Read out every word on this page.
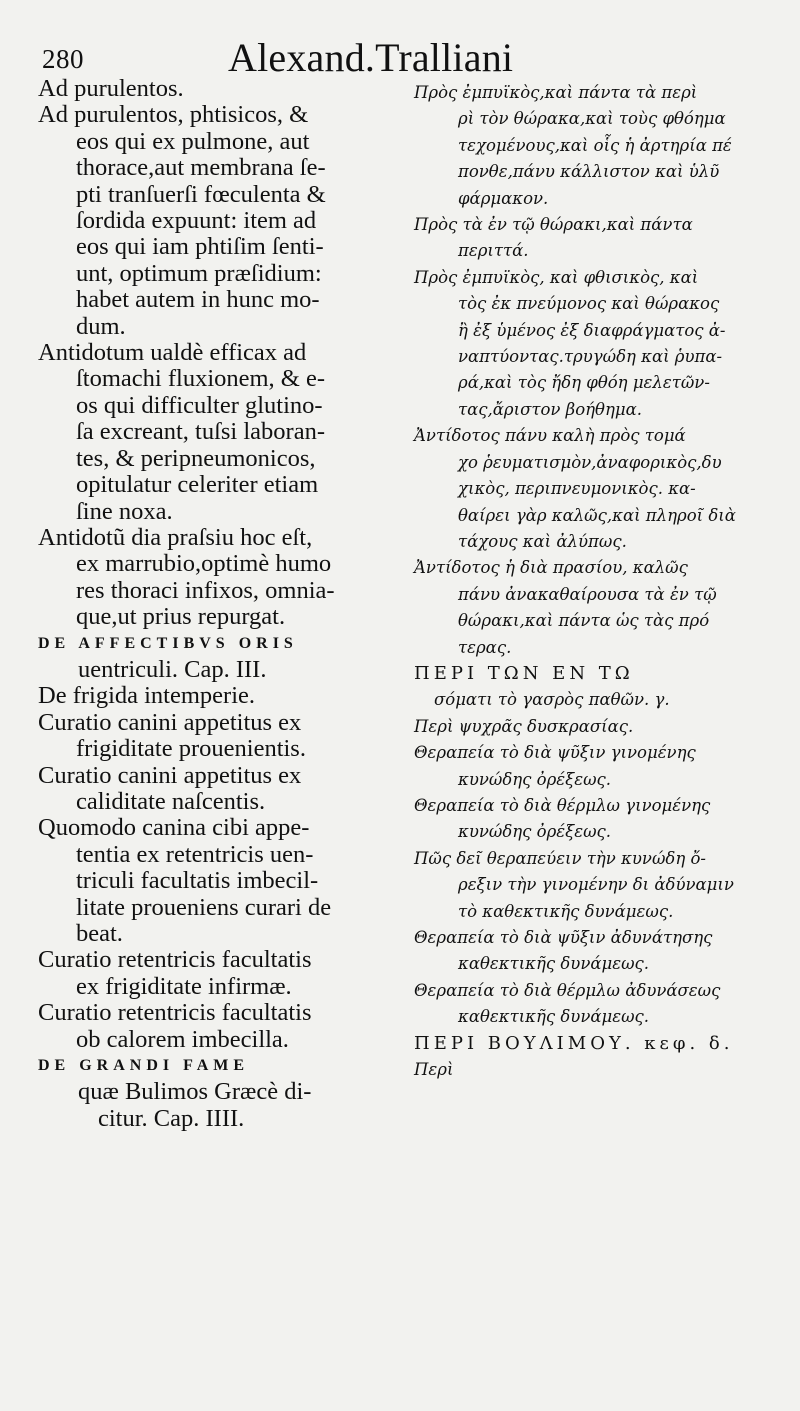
280	Alexand.Tralliani
Ad purulentos.
Ad purulentos, phtisicos, &
eos qui ex pulmone, aut
thorace,aut membrana ſe-
pti tranſuerſi fœculenta &
ſordida expuunt: item ad
eos qui iam phtiſim ſenti-
unt, optimum præſidium:
habet autem in hunc mo-
dum.
Antidotum ualdè efficax ad
ſtomachi fluxionem, & e-
os qui difficulter glutino-
ſa excreant, tuſsi laboran-
tes, & peripneumonicos,
opitulatur celeriter etiam
ſine noxa.
Antidotũ dia praſsiu hoc eſt,
ex marrubio,optimè humo
res thoraci infixos, omnia-
que,ut prius repurgat.
DE AFFECTIBVS ORIS
uentriculi. Cap. III.
De frigida intemperie.
Curatio canini appetitus ex
frigiditate prouenientis.
Curatio canini appetitus ex
caliditate naſcentis.
Quomodo canina cibi appe-
tentia ex retentricis uen-
triculi facultatis imbecil-
litate proueniens curari de
beat.
Curatio retentricis facultatis
ex frigiditate infirmæ.
Curatio retentricis facultatis
ob calorem imbecilla.
DE GRANDI FAME
quæ Bulimos Græcè di-
citur. Cap. IIII.
Πρὸς ἐμπυϊκὸς,καὶ πάντα τὰ περὶ
ρὶ τὸν θώρακα,καὶ τοὺς φθόημα
τεχομένους,καὶ οἷς ἡ ἀρτηρία πέ
πονθε,πάνυ κάλλιστον καὶ ὑλῦ
φάρμακον.
Πρὸς τὰ ἐν τῷ θώρακι,καὶ πάντα
περιττά.
Πρὸς ἐμπυϊκὸς, καὶ φθισικὸς, καὶ
τὸς ἐκ πνεύμονος καὶ θώρακος
ἢ ἐξ ὑμένος ἐξ διαφράγματος ἀ-
ναπτύοντας.τρυγώδη καὶ ῥυπα-
ρά,καὶ τὸς ἤδη φθόη μελετῶν-
τας,ἄριστον βοήθημα.
Ἀντίδοτος πάνυ καλὴ πρὸς τομά
χο ῥευματισμὸν,ἀναφορικὸς,δυ
χικὸς, περιπνευμονικὸς. κα-
θαίρει γὰρ καλῶς,καὶ πληροῖ διὰ
τάχους καὶ ἀλύπως.
Ἀντίδοτος ἡ διὰ πρασίου, καλῶς
πάνυ ἀνακαθαίρουσα τὰ ἐν τῷ
θώρακι,καὶ πάντα ὡς τὰς πρό
τερας.
ΠΕΡΙ ΤΩΝ ΕΝ ΤΩ
σόματι τὸ γασρὸς παθῶν. γ.
Περὶ ψυχρᾶς δυσκρασίας.
Θεραπεία τὸ διὰ ψῦξιν γινομένης
κυνώδης ὀρέξεως.
Θεραπεία τὸ διὰ θέρμλω γινομένης
κυνώδης ὀρέξεως.
Πῶς δεῖ θεραπεύειν τὴν κυνώδη ὄ-
ρεξιν τὴν γινομένην δι ἀδύναμιν
τὸ καθεκτικῆς δυνάμεως.
Θεραπεία τὸ διὰ ψῦξιν ἀδυνάτησης
καθεκτικῆς δυνάμεως.
Θεραπεία τὸ διὰ θέρμλω ἀδυνάσεως
καθεκτικῆς δυνάμεως.
ΠΕΡΙ ΒΟΥΛΙΜΟΥ. κεφ. δ.
Περὶ
